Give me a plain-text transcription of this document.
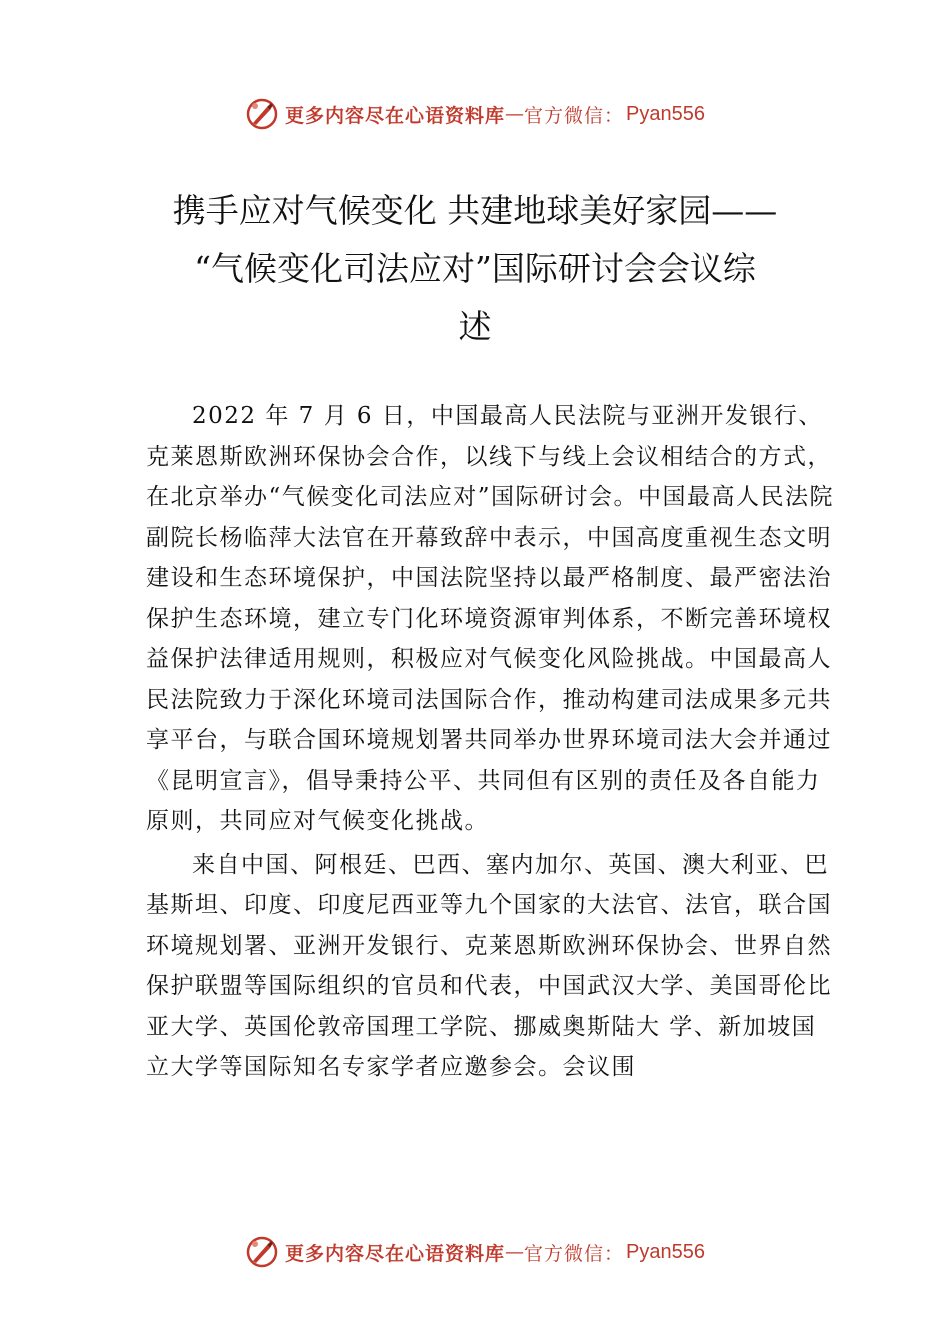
更多内容尽在心语资料库 — 官方微信： Pyan556
携手应对气候变化 共建地球美好家园——
“气候变化司法应对”国际研讨会会议综
述

2022 年 7 月 6 日，中国最高人民法院与亚洲开发银行、克莱恩斯欧洲环保协会合作，以线下与线上会议相结合的方式，在北京举办“气候变化司法应对”国际研讨会。中国最高人民法院副院长杨临萍大法官在开幕致辞中表示，中国高度重视生态文明建设和生态环境保护，中国法院坚持以最严格制度、最严密法治保护生态环境，建立专门化环境资源审判体系，不断完善环境权益保护法律适用规则，积极应对气候变化风险挑战。中国最高人民法院致力于深化环境司法国际合作，推动构建司法成果多元共享平台，与联合国环境规划署共同举办世界环境司法大会并通过《昆明宣言》，倡导秉持公平、共同但有区别的责任及各自能力原则，共同应对气候变化挑战。

来自中国、阿根廷、巴西、塞内加尔、英国、澳大利亚、巴基斯坦、印度、印度尼西亚等九个国家的大法官、法官，联合国环境规划署、亚洲开发银行、克莱恩斯欧洲环保协会、世界自然保护联盟等国际组织的官员和代表，中国武汉大学、美国哥伦比亚大学、英国伦敦帝国理工学院、挪威奥斯陆大 学、新加坡国立大学等国际知名专家学者应邀参会。会议围

更多内容尽在心语资料库 — 官方微信： Pyan556
